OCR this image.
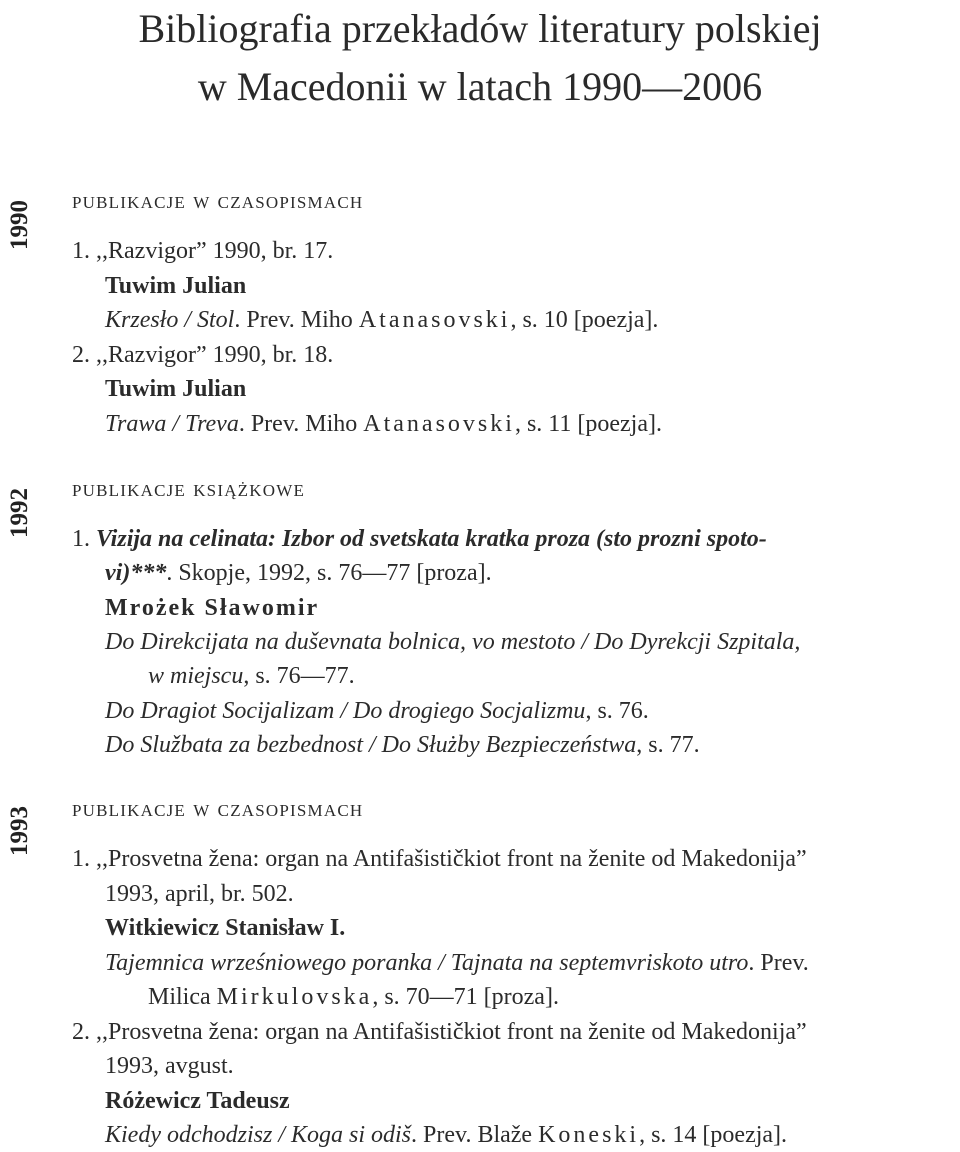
Bibliografia przekładów literatury polskiej
w Macedonii w latach 1990—2006
1990
1992
1993
publikacje w czasopismach
1. ,,Razvigor” 1990, br. 17.
Tuwim Julian
Krzesło / Stol. Prev. Miho Atanasovski, s. 10 [poezja].
2. ,,Razvigor” 1990, br. 18.
Tuwim Julian
Trawa / Treva. Prev. Miho Atanasovski, s. 11 [poezja].
publikacje książkowe
1. Vizija na celinata: Izbor od svetskata kratka proza (sto prozni spoto-
vi)***. Skopje, 1992, s. 76—77 [proza].
Mrożek Sławomir
Do Direkcijata na duševnata bolnica, vo mestoto / Do Dyrekcji Szpitala,
w miejscu, s. 76—77.
Do Dragiot Socijalizam / Do drogiego Socjalizmu, s. 76.
Do Službata za bezbednost / Do Służby Bezpieczeństwa, s. 77.
publikacje w czasopismach
1. ,,Prosvetna žena: organ na Antifašističkiot front na ženite od Makedonija”
1993, april, br. 502.
Witkiewicz Stanisław I.
Tajemnica wrześniowego poranka / Tajnata na septemvriskoto utro. Prev.
Milica Mirkulovska, s. 70—71 [proza].
2. ,,Prosvetna žena: organ na Antifašističkiot front na ženite od Makedonija”
1993, avgust.
Różewicz Tadeusz
Kiedy odchodzisz / Koga si odiš. Prev. Blaže Koneski, s. 14 [poezja].
